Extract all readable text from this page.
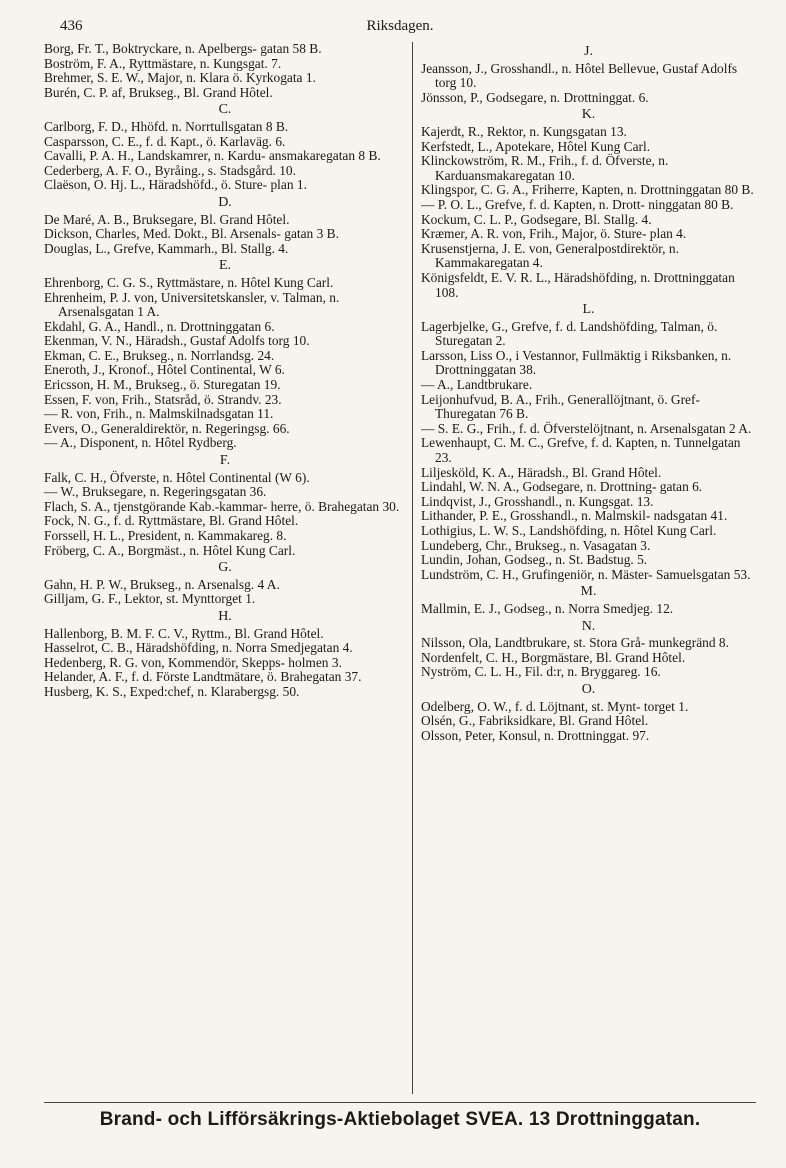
436	Riksdagen.
Borg, Fr. T., Boktryckare, n. Apelbergs- gatan 58 B.
Boström, F. A., Ryttmästare, n. Kungsgat. 7.
Brehmer, S. E. W., Major, n. Klara ö. Kyrkogata 1.
Burén, C. P. af, Brukseg., Bl. Grand Hôtel.
C.
Carlborg, F. D., Hhöfd. n. Norrtullsgatan 8 B.
Casparsson, C. E., f. d. Kapt., ö. Karlaväg. 6.
Cavalli, P. A. H., Landskamrer, n. Kardu- ansmakaregatan 8 B.
Cederberg, A. F. O., Byråing., s. Stadsgård. 10.
Claëson, O. Hj. L., Häradshöfd., ö. Sture- plan 1.
D.
De Maré, A. B., Bruksegare, Bl. Grand Hôtel.
Dickson, Charles, Med. Dokt., Bl. Arsenals- gatan 3 B.
Douglas, L., Grefve, Kammarh., Bl. Stallg. 4.
E.
Ehrenborg, C. G. S., Ryttmästare, n. Hôtel Kung Carl.
Ehrenheim, P. J. von, Universitetskansler, v. Talman, n. Arsenalsgatan 1 A.
Ekdahl, G. A., Handl., n. Drottninggatan 6.
Ekenman, V. N., Häradsh., Gustaf Adolfs torg 10.
Ekman, C. E., Brukseg., n. Norrlandsg. 24.
Eneroth, J., Kronof., Hôtel Continental, W 6.
Ericsson, H. M., Brukseg., ö. Sturegatan 19.
Essen, F. von, Frih., Statsråd, ö. Strandv. 23.
— R. von, Frih., n. Malmskilnadsgatan 11.
Evers, O., Generaldirektör, n. Regeringsg. 66.
— A., Disponent, n. Hôtel Rydberg.
F.
Falk, C. H., Öfverste, n. Hôtel Continental (W 6).
— W., Bruksegare, n. Regeringsgatan 36.
Flach, S. A., tjenstgörande Kab.-kammar- herre, ö. Brahegatan 30.
Fock, N. G., f. d. Ryttmästare, Bl. Grand Hôtel.
Forssell, H. L., President, n. Kammakareg. 8.
Fröberg, C. A., Borgmäst., n. Hôtel Kung Carl.
G.
Gahn, H. P. W., Brukseg., n. Arsenalsg. 4 A.
Gilljam, G. F., Lektor, st. Mynttorget 1.
H.
Hallenborg, B. M. F. C. V., Ryttm., Bl. Grand Hôtel.
Hasselrot, C. B., Häradshöfding, n. Norra Smedjegatan 4.
Hedenberg, R. G. von, Kommendör, Skepps- holmen 3.
Helander, A. F., f. d. Förste Landtmätare, ö. Brahegatan 37.
Husberg, K. S., Exped:chef, n. Klarabergsg. 50.
J.
Jeansson, J., Grosshandl., n. Hôtel Bellevue, Gustaf Adolfs torg 10.
Jönsson, P., Godsegare, n. Drottninggat. 6.
K.
Kajerdt, R., Rektor, n. Kungsgatan 13.
Kerfstedt, L., Apotekare, Hôtel Kung Carl.
Klinckowström, R. M., Frih., f. d. Öfverste, n. Karduansmakaregatan 10.
Klingspor, C. G. A., Friherre, Kapten, n. Drottninggatan 80 B.
— P. O. L., Grefve, f. d. Kapten, n. Drott- ninggatan 80 B.
Kockum, C. L. P., Godsegare, Bl. Stallg. 4.
Kræmer, A. R. von, Frih., Major, ö. Sture- plan 4.
Krusenstjerna, J. E. von, Generalpostdirektör, n. Kammakaregatan 4.
Königsfeldt, E. V. R. L., Häradshöfding, n. Drottninggatan 108.
L.
Lagerbjelke, G., Grefve, f. d. Landshöfding, Talman, ö. Sturegatan 2.
Larsson, Liss O., i Vestannor, Fullmäktig i Riksbanken, n. Drottninggatan 38.
— A., Landtbrukare.
Leijonhufvud, B. A., Frih., Generallöjtnant, ö. Gref-Thuregatan 76 B.
— S. E. G., Frih., f. d. Öfverstelöjtnant, n. Arsenalsgatan 2 A.
Lewenhaupt, C. M. C., Grefve, f. d. Kapten, n. Tunnelgatan 23.
Liljesköld, K. A., Häradsh., Bl. Grand Hôtel.
Lindahl, W. N. A., Godsegare, n. Drottning- gatan 6.
Lindqvist, J., Grosshandl., n. Kungsgat. 13.
Lithander, P. E., Grosshandl., n. Malmskil- nadsgatan 41.
Lothigius, L. W. S., Landshöfding, n. Hôtel Kung Carl.
Lundeberg, Chr., Brukseg., n. Vasagatan 3.
Lundin, Johan, Godseg., n. St. Badstug. 5.
Lundström, C. H., Grufingeniör, n. Mäster- Samuelsgatan 53.
M.
Mallmin, E. J., Godseg., n. Norra Smedjeg. 12.
N.
Nilsson, Ola, Landtbrukare, st. Stora Grå- munkegränd 8.
Nordenfelt, C. H., Borgmästare, Bl. Grand Hôtel.
Nyström, C. L. H., Fil. d:r, n. Bryggareg. 16.
O.
Odelberg, O. W., f. d. Löjtnant, st. Mynt- torget 1.
Olsén, G., Fabriksidkare, Bl. Grand Hôtel.
Olsson, Peter, Konsul, n. Drottninggat. 97.
Brand- och Lifförsäkrings-Aktiebolaget SVEA. 13 Drottninggatan.
